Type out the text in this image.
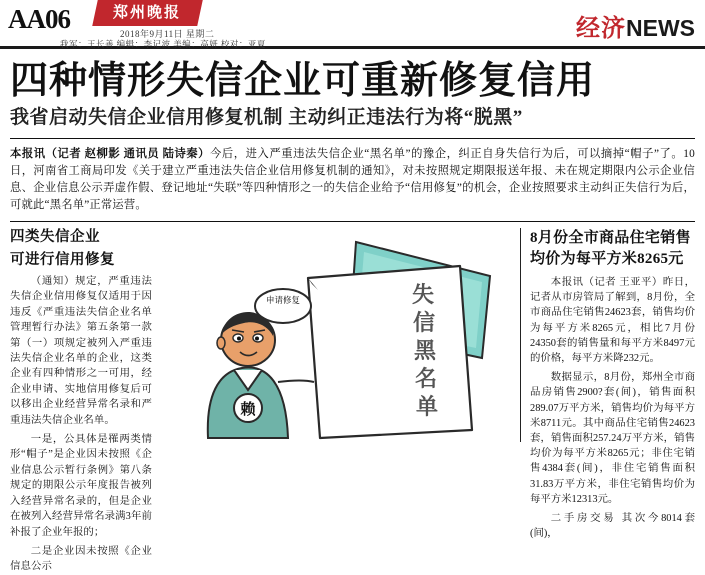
AA06	郑州晚报
2018年9月11日 星期二
我军：王长善 编辑：李记波 美编：高妍 校对：亚夏
经济NEWS
四种情形失信企业可重新修复信用
我省启动失信企业信用修复机制 主动纠正违法行为将“脱黑”
本报讯（记者 赵柳影 通讯员 陆诗秦）今后，进入严重违法失信企业“黑名单”的豫企，纠正自身失信行为后，可以摘掉“帽子”了。10日，河南省工商局印发《关于建立严重违法失信企业信用修复机制的通知》，对未按照规定期限报送年报、未在规定期限内公示企业信息、企业信息公示弄虚作假、登记地址“失联”等四种情形之一的失信企业给予“信用修复”的机会，企业按照要求主动纠正失信行为后，可就此“黑名单”正常运营。
四类失信企业
可进行信用修复

（通知）规定，严重违法失信企业信用修复仅适用于因违反《严重违法失信企业名单管理暂行办法》第五条第一款第（一）项规定被列入严重违法失信企业名单的企业，这类企业有四种情形之一可用，经企业申请、实地信用修复后可以移出企业经营异常名录和严重违法失信企业名单。

一是，公具体是罹两类情形“帽子”是企业因未按照《企业信息公示暂行条例》第八条规定的期限公示年度报告被列入经营异常名录的，但是企业在被列入经营异常名录满3年前补报了企业年报的；

二是企业因未按照《企业信息公示

失
信
黑
名
单
申请修复
赖
8月份全市商品住宅销售
均价为每平方米8265元

本报讯（记者 王亚平）昨日，记者从市房管局了解到，8月份，全市商品住宅销售24623套，销售均价为每平方米8265元，相比7月份24350套的销售量和每平方米8497元的价格，每平方米降232元。

数据显示，8月份，郑州全市商品房销售2900?套(间)，销售面积289.07万平方米，销售均价为每平方米8711元。其中商品住宅销售24623套，销售面积257.24万平方米，销售均价为每平方米8265元；非住宅销售4384套(间)，非住宅销售面积31.83万平方米，非住宅销售均价为每平方米12313元。

二手房交易 其次今8014套(间)，
